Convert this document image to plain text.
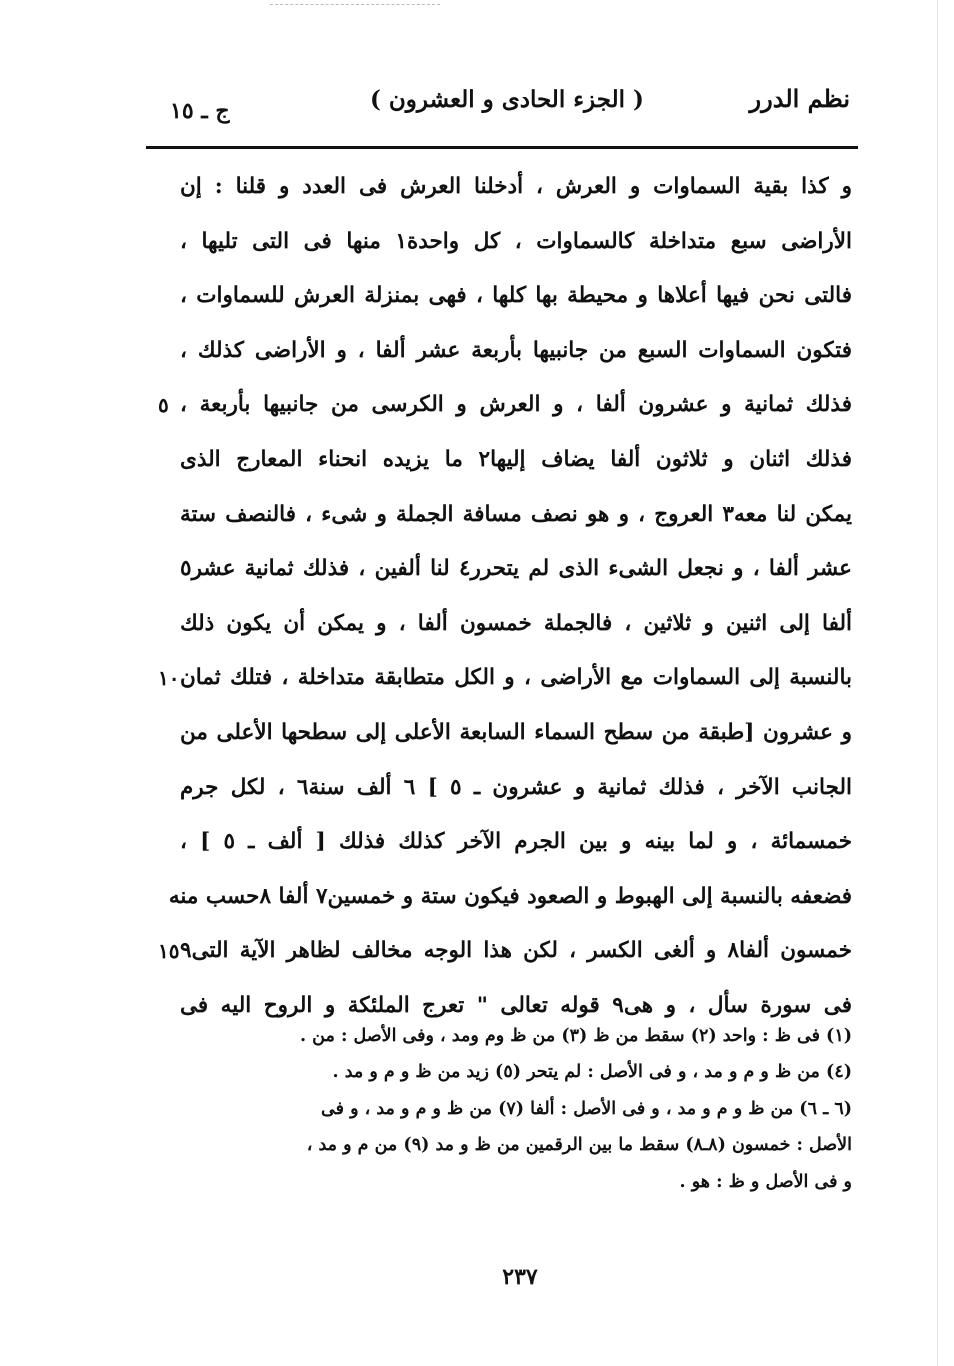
نظم الدرر
( الجزء الحادى و العشرون )
ج ـ ١٥
و كذا بقية السماوات و العرش ، أدخلنا العرش فى العدد و قلنا : إن
الأراضى سبع متداخلة كالسماوات ، كل واحدة١ منها فى التى تليها ،
فالتى نحن فيها أعلاها و محيطة بها كلها ، فهى بمنزلة العرش للسماوات ،
فتكون السماوات السبع من جانبيها بأربعة عشر ألفا ، و الأراضى كذلك ،
فذلك ثمانية و عشرون ألفا ، و العرش و الكرسى من جانبيها بأربعة ،
٥
فذلك اثنان و ثلاثون ألفا يضاف إليها٢ ما يزيده انحناء المعارج الذى
يمكن لنا معه٣ العروج ، و هو نصف مسافة الجملة و شىء ، فالنصف ستة
عشر ألفا ، و نجعل الشىء الذى لم يتحرر٤ لنا ألفين ، فذلك ثمانية عشر٥
ألفا إلى اثنين و ثلاثين ، فالجملة خمسون ألفا ، و يمكن أن يكون ذلك
بالنسبة إلى السماوات مع الأراضى ، و الكل متطابقة متداخلة ، فتلك ثمان
١٠
و عشرون [طبقة من سطح السماء السابعة الأعلى إلى سطحها الأعلى من
الجانب الآخر ، فذلك ثمانية و عشرون ـ ٥ ] ٦ ألف سنة٦ ، لكل جرم
خمسمائة ، و لما بينه و بين الجرم الآخر كذلك فذلك [ ألف ـ ٥ ] ،
فضعفه بالنسبة إلى الهبوط و الصعود فيكون ستة و خمسين٧ ألفا ٨حسب منه
خمسون ألفا٨ و ألغى الكسر ، لكن هذا الوجه مخالف لظاهر الآية التى٩
١٥
فى سورة سأل ، و هى٩ قوله تعالى " تعرج الملئكة و الروح اليه فى
(١) فى ظ : واحد (٢) سقط من ظ (٣) من ظ وم ومد ، وفى الأصل : من .
(٤) من ظ و م و مد ، و فى الأصل : لم يتحر (٥) زيد من ظ و م و مد .
(٦ ـ ٦) من ظ و م و مد ، و فى الأصل : ألفا (٧) من ظ و م و مد ، و فى
الأصل : خمسون (٨ـ٨) سقط ما بين الرقمين من ظ و مد (٩) من م و مد ،
و فى الأصل و ظ : هو .
٢٣٧
